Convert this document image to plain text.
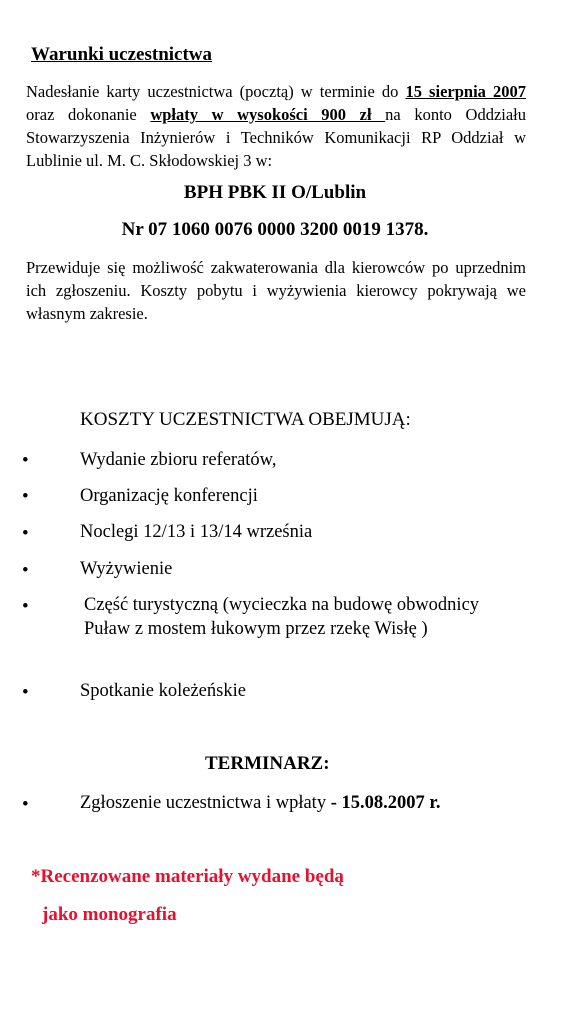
Warunki uczestnictwa
Nadesłanie karty uczestnictwa (pocztą) w terminie do 15 sierpnia 2007 oraz dokonanie wpłaty w wysokości 900 zł na konto Oddziału Stowarzyszenia Inżynierów i Techników Komunikacji RP Oddział w Lublinie ul. M. C. Skłodowskiej 3 w:
BPH PBK II O/Lublin
Nr 07 1060 0076 0000 3200 0019 1378.
Przewiduje się możliwość zakwaterowania dla kierowców po uprzednim ich zgłoszeniu. Koszty pobytu i wyżywienia kierowcy pokrywają we własnym zakresie.
KOSZTY UCZESTNICTWA OBEJMUJĄ:
•	Wydanie zbioru referatów,
•	Organizację konferencji
•	Noclegi 12/13 i 13/14 września
•	Wyżywienie
•	Część turystyczną (wycieczka na budowę obwodnicy Puław z mostem łukowym przez rzekę Wisłę )
•	Spotkanie koleżeńskie
TERMINARZ:
•	Zgłoszenie uczestnictwa i wpłaty - 15.08.2007 r.
*Recenzowane materiały wydane będą
jako monografia
